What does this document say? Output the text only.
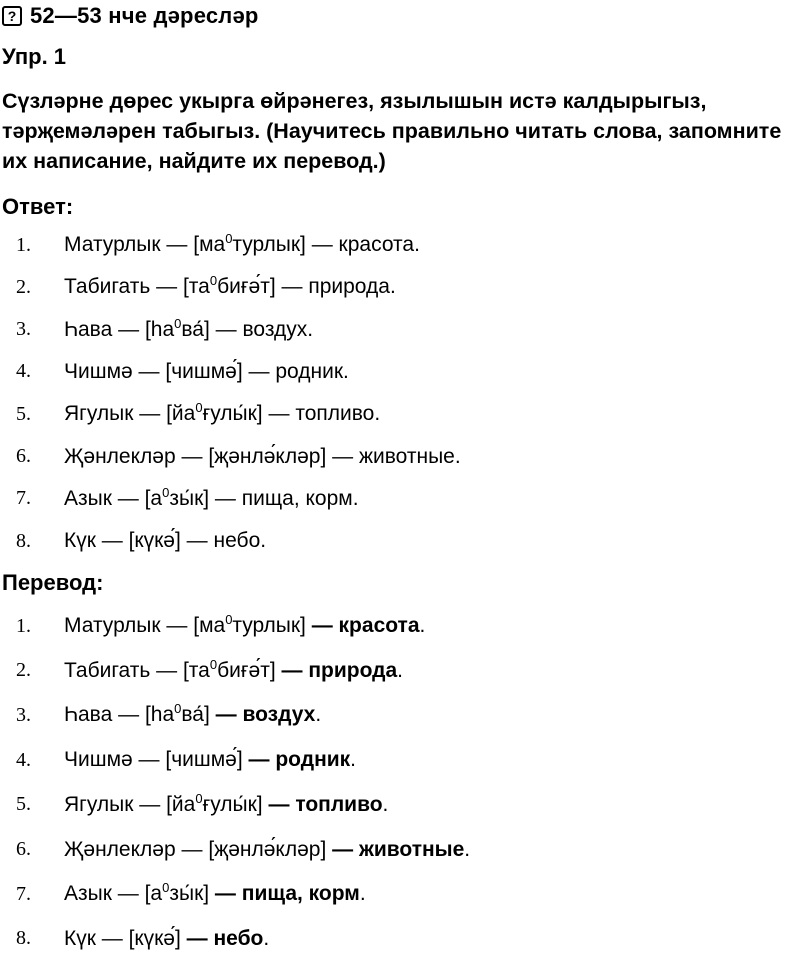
? 52—53 нче дәресләр
Упр. 1
Сүзләрне дөрес укырга өйрәнегез, язылышын истә калдырыгыз, тәрҗемәләрен табыгыз. (Научитесь правильно читать слова, запомните их написание, найдите их перевод.)
Ответ:
1.	Матурлык — $[ма^0турлык]$ — красота.
2.	Табигать — $[та^0биғә́т]$ — природа.
3.	Һава — $[һа^0ва́]$ — воздух.
4.	Чишмә — [чишмә́] — родник.
5.	Ягулык — $[йа^0ғулы́к]$ — топливо.
6.	Җәнлекләр — [җәнлә́кләр] — животные.
7.	Азык — $[а^0зы́к]$ — пища, корм.
8.	Күк — [күкә́] — небо.
Перевод:
1.	Матурлык — $[ма^0турлык]$ — красота.
2.	Табигать — $[та^0биғә́т]$ — природа.
3.	Һава — $[һа^0ва́]$ — воздух.
4.	Чишмә — [чишмә́] — родник.
5.	Ягулык — $[йа^0ғулы́к]$ — топливо.
6.	Җәнлекләр — [җәнлә́кләр] — животные.
7.	Азык — $[а^0зы́к]$ — пища, корм.
8.	Күк — [күкә́] — небо.
